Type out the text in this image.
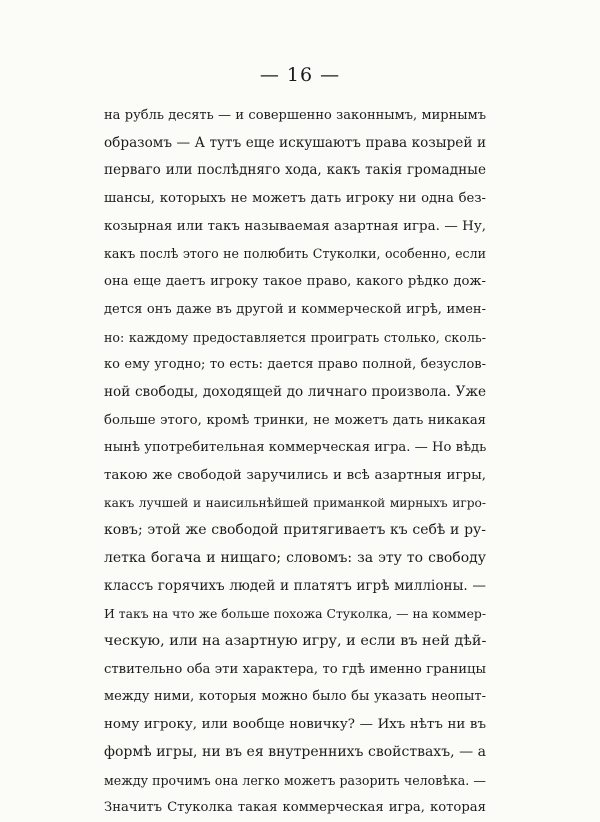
— 16 —
на рубль десять — и совершенно законнымъ, мирнымъ
образомъ — А тутъ еще искушаютъ права козырей и
перваго или послѣдняго хода, какъ такія громадные
шансы, которыхъ не можетъ дать игроку ни одна без-
козырная или такъ называемая азартная игра. — Ну,
какъ послѣ этого не полюбить Стуколки, особенно, если
она еще даетъ игроку такое право, какого рѣдко дож-
дется онъ даже въ другой и коммерческой игрѣ, имен-
но: каждому предоставляется проиграть столько, сколь-
ко ему угодно; то есть: дается право полной, безуслов-
ной свободы, доходящей до личнаго произвола. Уже
больше этого, кромѣ тринки, не можетъ дать никакая
нынѣ употребительная коммерческая игра. — Но вѣдь
такою же свободой заручились и всѣ азартныя игры,
какъ лучшей и наисильнѣйшей приманкой мирныхъ игро-
ковъ; этой же свободой притягиваетъ къ себѣ и ру-
летка богача и нищаго; словомъ: за эту то свободу
классъ горячихъ людей и платятъ игрѣ милліоны. —
И такъ на что же больше похожа Стуколка, — на коммер-
ческую, или на азартную игру, и если въ ней дѣй-
ствительно оба эти характера, то гдѣ именно границы
между ними, которыя можно было бы указать неопыт-
ному игроку, или вообще новичку? — Ихъ нѣтъ ни въ
формѣ игры, ни въ ея внутреннихъ свойствахъ, — а
между прочимъ она легко можетъ разорить человѣка. —
Значитъ Стуколка такая коммерческая игра, которая
